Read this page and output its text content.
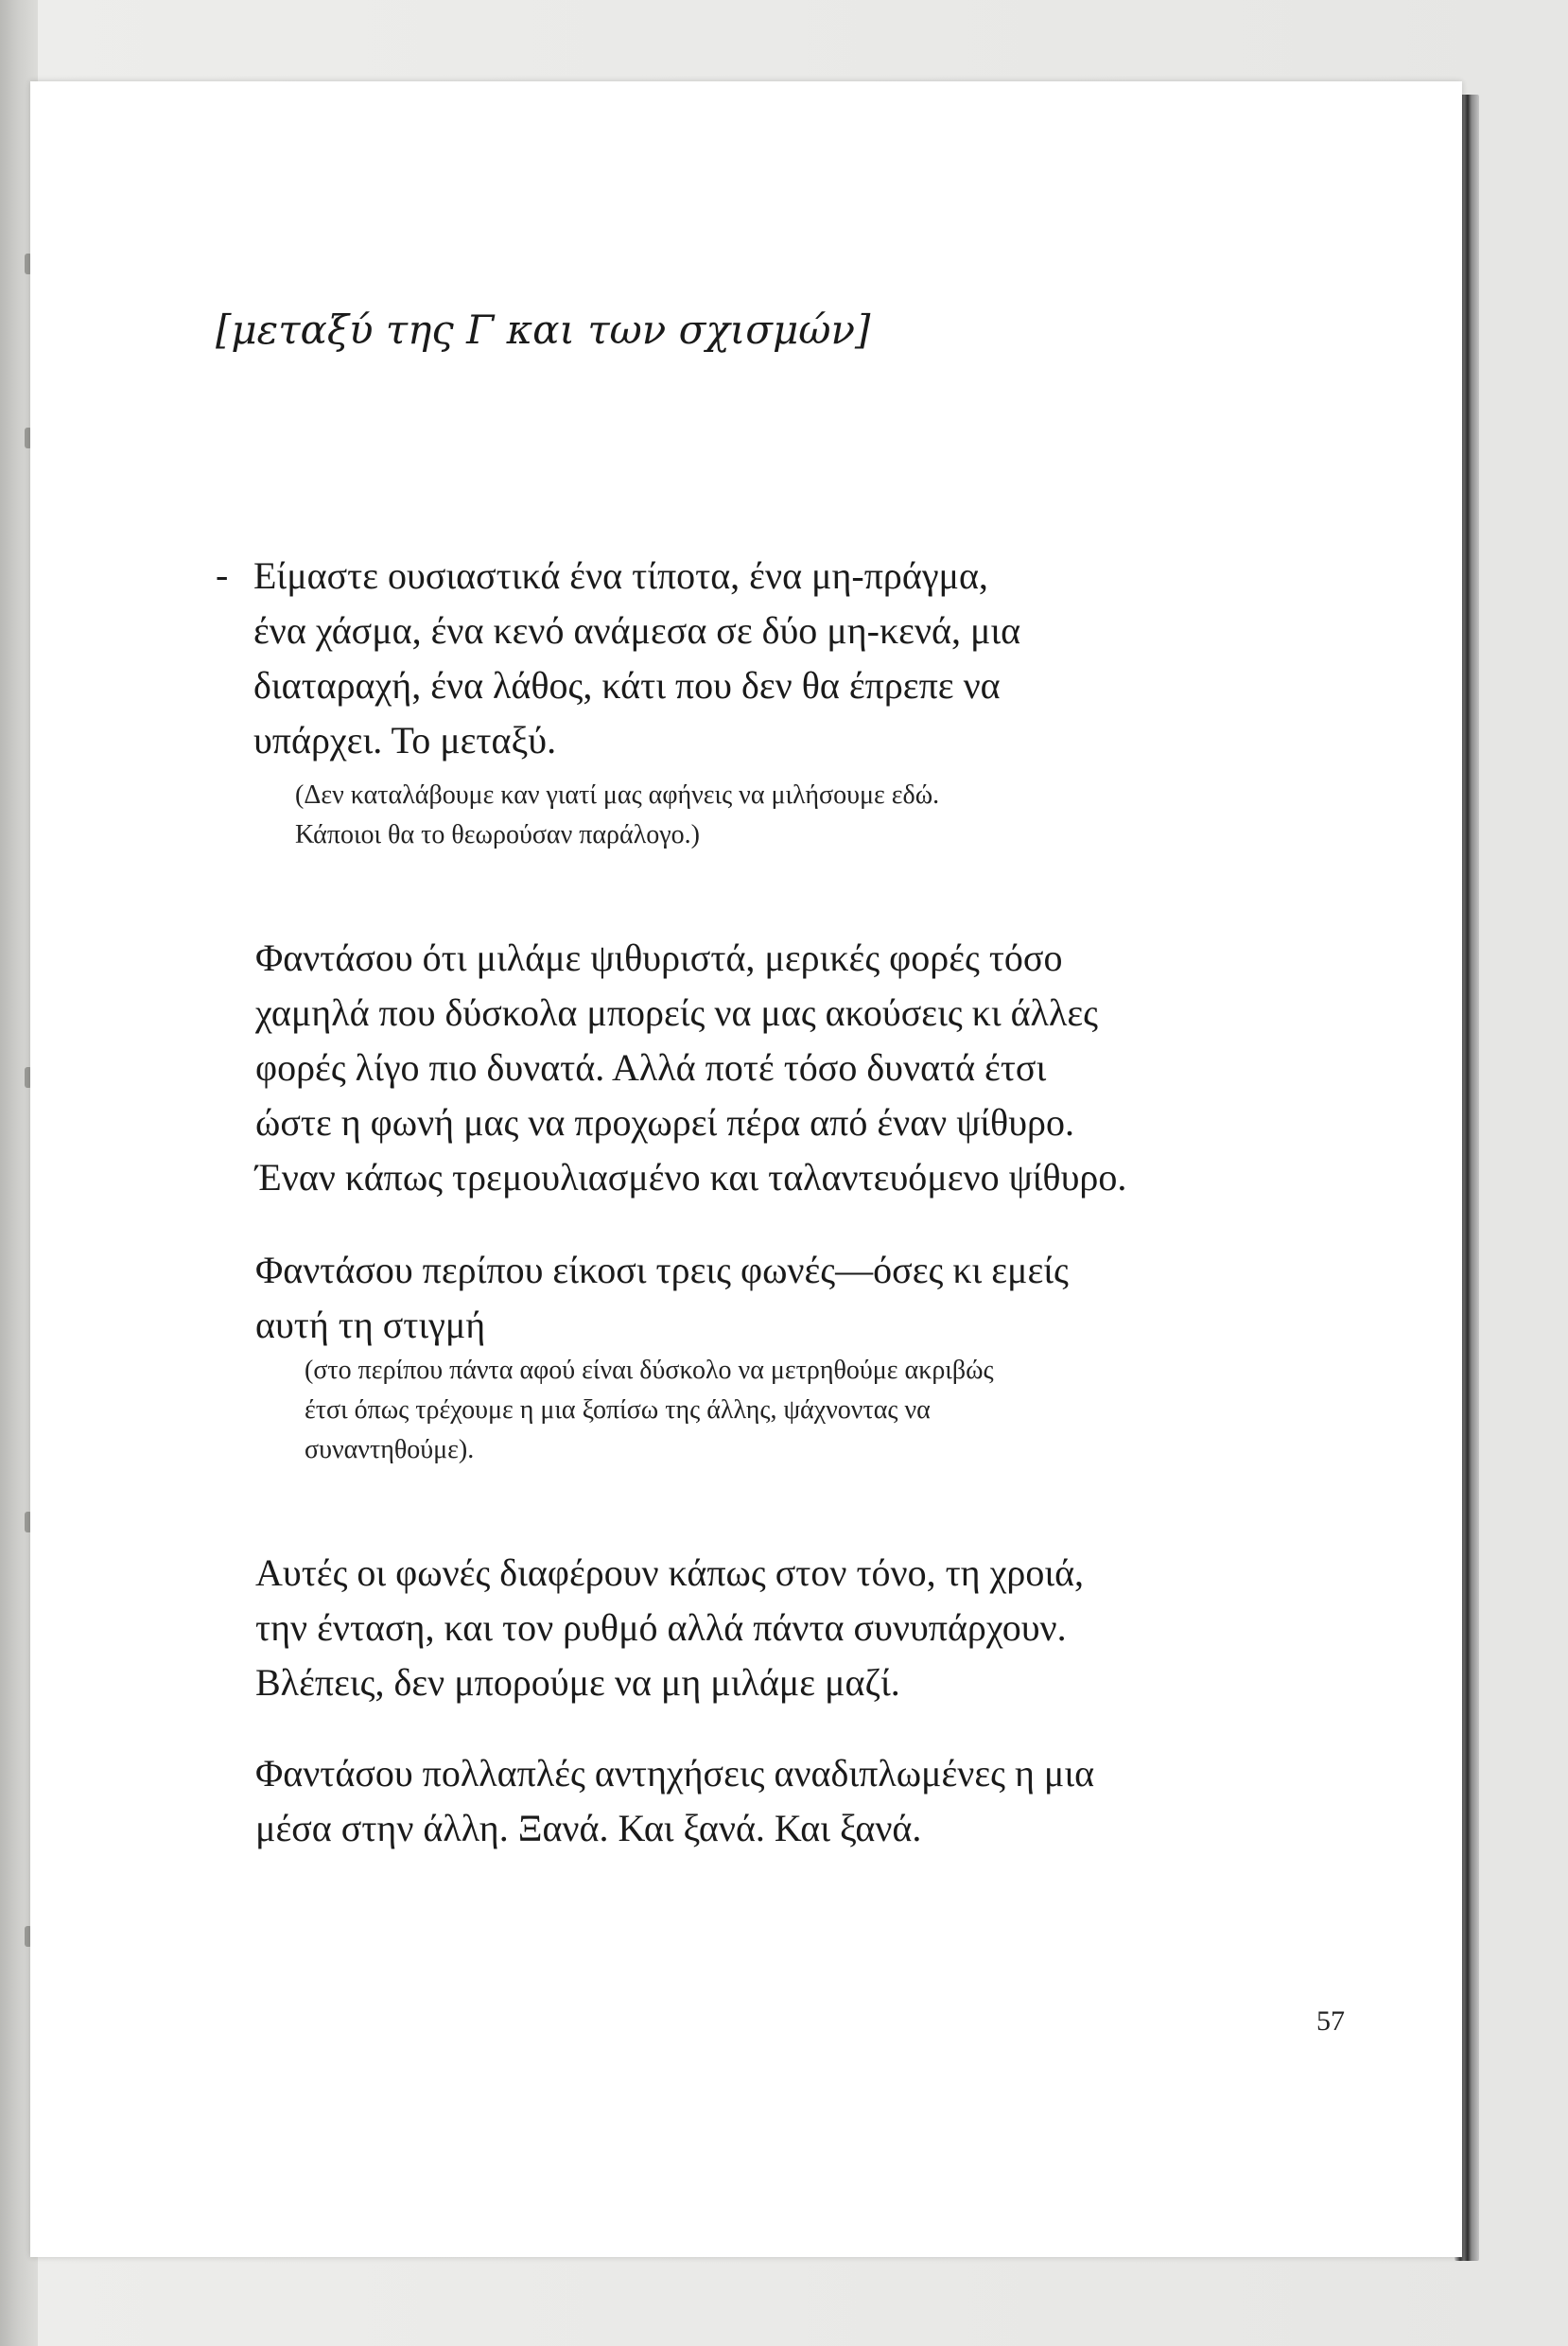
[μεταξύ της Γ και των σχισμών]
- Είμαστε ουσιαστικά ένα τίποτα, ένα μη-πράγμα,
ένα χάσμα, ένα κενό ανάμεσα σε δύο μη-κενά, μια
διαταραχή, ένα λάθος, κάτι που δεν θα έπρεπε να
υπάρχει. Το μεταξύ.

(Δεν καταλάβουμε καν γιατί μας αφήνεις να μιλήσουμε εδώ.
Κάποιοι θα το θεωρούσαν παράλογο.)

Φαντάσου ότι μιλάμε ψιθυριστά, μερικές φορές τόσο
χαμηλά που δύσκολα μπορείς να μας ακούσεις κι άλλες
φορές λίγο πιο δυνατά. Αλλά ποτέ τόσο δυνατά έτσι
ώστε η φωνή μας να προχωρεί πέρα από έναν ψίθυρο.
Έναν κάπως τρεμουλιασμένο και ταλαντευόμενο ψίθυρο.

Φαντάσου περίπου είκοσι τρεις φωνές—όσες κι εμείς
αυτή τη στιγμή

(στο περίπου πάντα αφού είναι δύσκολο να μετρηθούμε ακριβώς
έτσι όπως τρέχουμε η μια ξοπίσω της άλλης, ψάχνοντας να
συναντηθούμε).

Αυτές οι φωνές διαφέρουν κάπως στον τόνο, τη χροιά,
την ένταση, και τον ρυθμό αλλά πάντα συνυπάρχουν.
Βλέπεις, δεν μπορούμε να μη μιλάμε μαζί.

Φαντάσου πολλαπλές αντηχήσεις αναδιπλωμένες η μια
μέσα στην άλλη. Ξανά. Και ξανά. Και ξανά.

57
